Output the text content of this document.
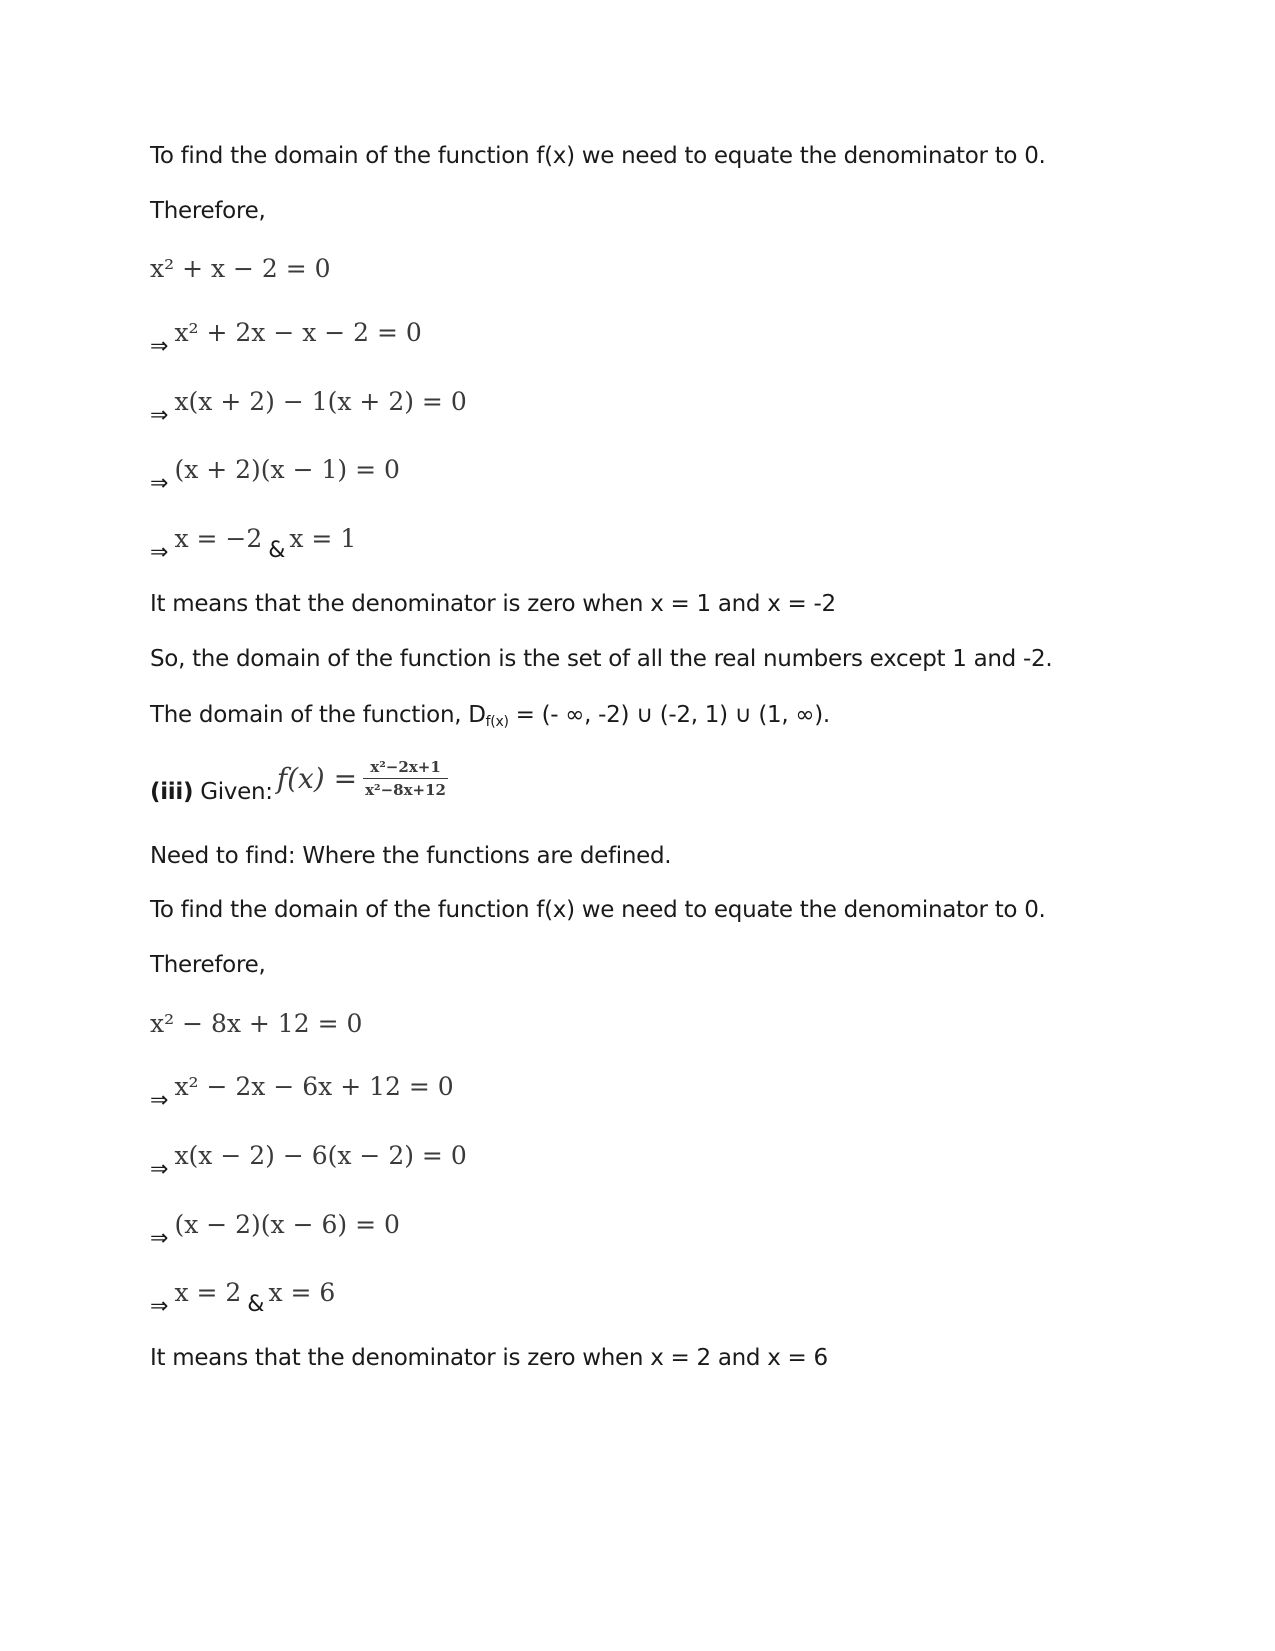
To find the domain of the function f(x) we need to equate the denominator to 0.
Therefore,
x² + x − 2 = 0
⇒ x² + 2x − x − 2 = 0
⇒ x(x + 2) − 1(x + 2) = 0
⇒ (x + 2)(x − 1) = 0
⇒ x = −2 & x = 1
It means that the denominator is zero when x = 1 and x = -2
So, the domain of the function is the set of all the real numbers except 1 and -2.
The domain of the function, Df(x) = (- ∞, -2) ∪ (-2, 1) ∪ (1, ∞).
(iii) Given: $f(x) = \frac{\text{x²−2x+1}}{\text{x²−8x+12}}$
Need to find: Where the functions are defined.
To find the domain of the function f(x) we need to equate the denominator to 0.
Therefore,
x² − 8x + 12 = 0
⇒ x² − 2x − 6x + 12 = 0
⇒ x(x − 2) − 6(x − 2) = 0
⇒ (x − 2)(x − 6) = 0
⇒ x = 2 & x = 6
It means that the denominator is zero when x = 2 and x = 6
